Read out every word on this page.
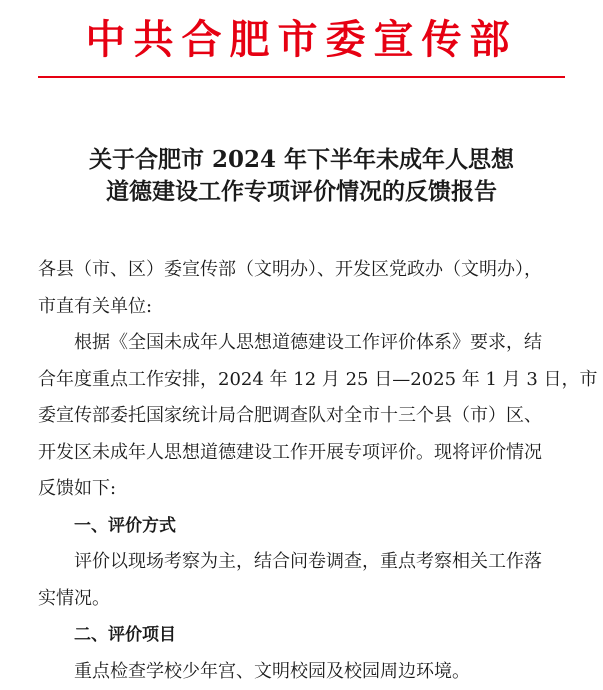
中共合肥市委宣传部
关于合肥市 2024 年下半年未成年人思想
道德建设工作专项评价情况的反馈报告
各县（市、区）委宣传部（文明办）、开发区党政办（文明办），
市直有关单位:
根据《全国未成年人思想道德建设工作评价体系》要求，结
合年度重点工作安排，2024 年 12 月 25 日—2025 年 1 月 3 日，市
委宣传部委托国家统计局合肥调查队对全市十三个县（市）区、
开发区未成年人思想道德建设工作开展专项评价。现将评价情况
反馈如下:
一、评价方式
评价以现场考察为主，结合问卷调查，重点考察相关工作落
实情况。
二、评价项目
重点检查学校少年宫、文明校园及校园周边环境。
